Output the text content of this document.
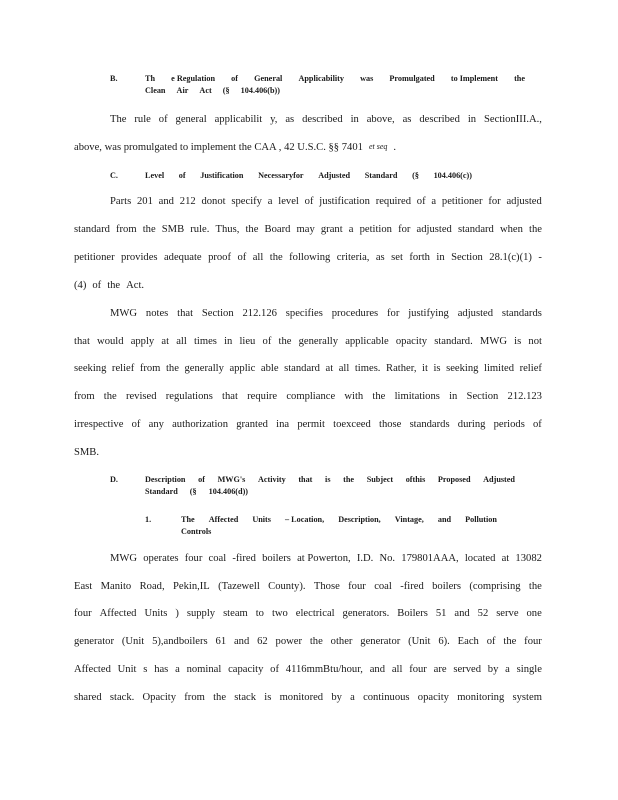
B.	Th e Regulation of General Applicability was Promulgated to Implement the
Clean Air Act (§ 104.406(b))
The rule of general applicabilit y, as described in above, as described in SectionIII.A.,
above, was promulgated to implement the CAA , 42 U.S.C. §§ 7401 et seq .
C.	Level of Justification Necessaryfor Adjusted Standard (§ 104.406(c))
Parts 201 and 212 donot specify a level of justification required of a petitioner for adjusted
standard from the SMB rule. Thus, the Board may grant a petition for adjusted standard when the
petitioner provides adequate proof of all the following criteria, as set forth in Section 28.1(c)(1) -
(4) of the Act.
MWG notes that Section 212.126 specifies procedures for justifying adjusted standards
that would apply at all times in lieu of the generally applicable opacity standard. MWG is not
seeking relief from the generally applic able standard at all times. Rather, it is seeking limited relief
from the revised regulations that require compliance with the limitations in Section 212.123
irrespective of any authorization granted ina permit toexceed those standards during periods of
SMB.
D.	Description of MWG's Activity that is the Subject ofthis Proposed Adjusted
Standard (§ 104.406(d))
1.	The Affected Units – Location, Description, Vintage, and Pollution
Controls
MWG operates four coal -fired boilers at Powerton, I.D. No. 179801AAA, located at 13082
East Manito Road, Pekin,IL (Tazewell County). Those four coal -fired boilers (comprising the
four Affected Units ) supply steam to two electrical generators. Boilers 51 and 52 serve one
generator (Unit 5),andboilers 61 and 62 power the other generator (Unit 6). Each of the four
Affected Unit s has a nominal capacity of 4116mmBtu/hour, and all four are served by a single
shared stack. Opacity from the stack is monitored by a continuous opacity monitoring system
